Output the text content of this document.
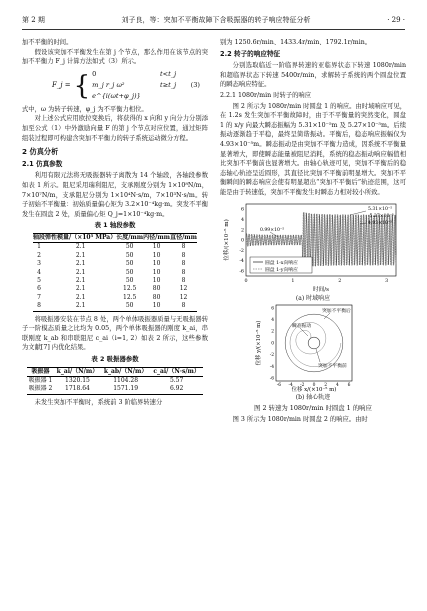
第 2 期	刘子良，等：突加不平衡故障下含吸振器的转子响应特征分析	· 29 ·

加不平衡的时间。

假设该突加不平衡发生在第 j 个节点，那么作用在该节点的突加不平衡力 F_j 计算方法如式（3）所示。

F_j = { 0	t<t_j
m_j r_j ω² e^{i(ωt+φ_j)}
t≥t_j (3)

式中，ω 为转子转速，φ_j 为不平衡力相位。

对上述公式应用欧拉变换后，将获得的 x 向和 y 向分力分别添加至公式（1）中外激励向量 F 的第 j 个节点对应位置，通过矩阵组装过程即可构建含突加不平衡力的转子系统运动微分方程。

2 仿真分析
2.1 仿真参数

利用有限元法将无吸振器转子离散为 14 个轴段，各轴段参数如表 1 所示。阻尼采用瑞利阻尼，支承刚度分别为 1×10⁸N/m，7×10⁷N/m，支承阻尼分别为 1×10⁴N·s/m，7×10³N·s/m。转子初始不平衡量：初始质量偏心矩为 3.2×10⁻⁴kg·m。突发不平衡发生在圆盘 2 处，质量偏心矩 Q_j=1×10⁻⁴kg·m。

表 1 轴段参数
轴段	弹性模量/（×10⁵ MPa）	长度/mm	内径/mm	直径/mm
1	2.1	50	10	8
2	2.1	50	10	8
3	2.1	50	10	8
4	2.1	50	10	8
5	2.1	50	10	8
6	2.1	12.5	80	12
7	2.1	12.5	80	12
8	2.1	50	10	8

将吸振器安装在节点 8 处，两个单体吸振器质量与无吸振器转子一阶模态质量之比均为 0.05，两个单体吸振器的刚度 k_ai，串联刚度 k_ab 和串联阻尼 c_ai（i=1, 2）如表 2 所示，这些参数为文献[7] 内优化结果。

表 2 吸振器参数
吸振器	k_ai/（N/m）	k_ab/（N/m）	c_ai/（N·s/m）
吸振器 1	1320.15	1104.28	5.57
吸振器 2	1718.64	1571.19	6.92

未发生突加不平衡时，系统前 3 阶临界转速分

别为 1250.6r/min、1433.4r/min、1792.1r/min。

2.2 转子的响应特征

分别选取临近一阶临界转速的亚临界状态下转速 1080r/min 和超临界状态下转速 5400r/min，求解转子系统的两个圆盘位置的瞬态响应特征。

2.2.1 1080r/min 时转子的响应

图 2 所示为 1080r/min 时圆盘 1 的响应。由时域响应可见，在 1.2s 发生突加不平衡故障时，由于不平衡量的突然变化，圆盘 1 的 x/y 向最大瞬态振幅为 5.31×10⁻⁵m 及 5.27×10⁻⁵m。后续振动逐渐趋于平稳，最终呈简谐振动。平衡后，稳态响应振幅仅为 4.93×10⁻⁵m。瞬态振动是由突加不平衡力造成，因系统不平衡量显著增大，即使瞬态能量被阻尼消耗，系统的稳态振动响应幅值相比突加不平衡前也显著增大。由轴心轨迹可见，突加不平衡后的稳态轴心轨迹呈近圆形，其直径比突加不平衡前明显增大。突加不平衡瞬间的瞬态响应会使有明显超出“突加不平衡后”轨迹范围，这可能是由于转速低，突加不平衡发生时瞬态力相对较小所致。

6
4
2
0
-2
-4
-6
0	1	2	3
位移/(×10⁻⁵ m)
时间/s
5.31×10⁻⁵
-5.27×10⁻⁵
4.93×10⁻⁵
0.99×10⁻⁵
圆盘 1-x向响应
圆盘 1-y向响应
(a) 时域响应
-6
-6
-4
-4
-2
-2
0
0
2
2
4
4
6
6
位移 y/(×10⁻⁵ m)
位移 x/(×10⁻⁵ m)
突加不平衡后
瞬态振动
突加不平衡前
(b) 轴心轨迹
图 2 转速为 1080r/min 时圆盘 1 的响应

图 3 所示为 1080r/min 时圆盘 2 的响应。由时
